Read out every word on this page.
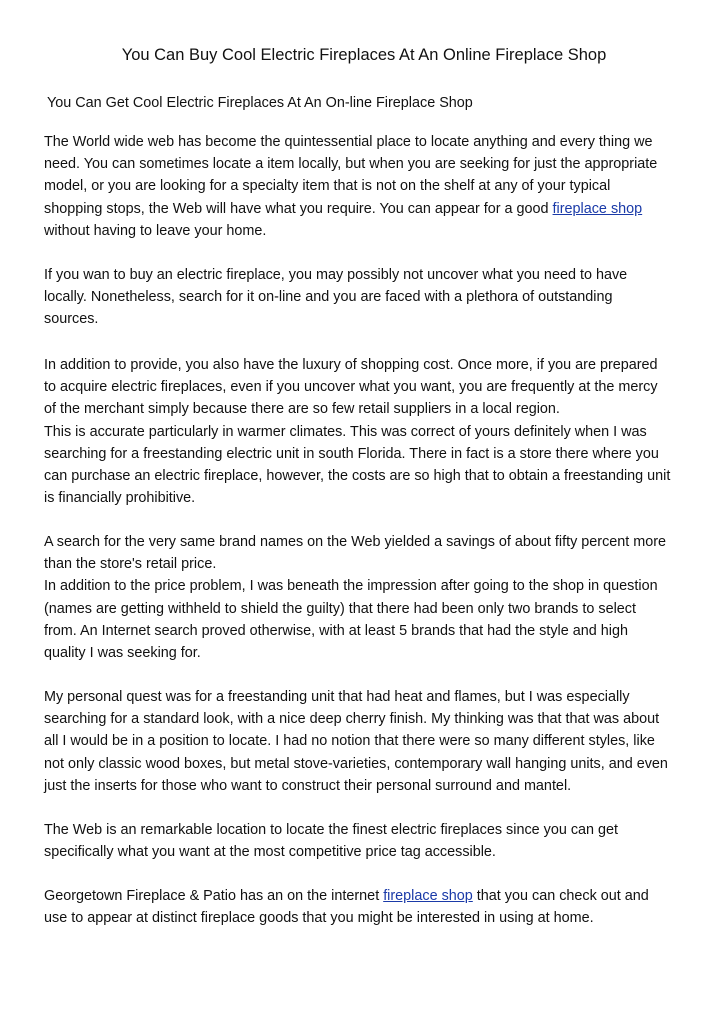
You Can Buy Cool Electric Fireplaces At An Online Fireplace Shop
You Can Get Cool Electric Fireplaces At An On-line Fireplace Shop
The World wide web has become the quintessential place to locate anything and every thing we
need. You can sometimes locate a item locally, but when you are seeking for just the appropriate
model, or you are looking for a specialty item that is not on the shelf at any of your typical
shopping stops, the Web will have what you require. You can appear for a good fireplace shop
without having to leave your home.
If you wan to buy an electric fireplace, you may possibly not uncover what you need to have
locally. Nonetheless, search for it on-line and you are faced with a plethora of outstanding
sources.
In addition to provide, you also have the luxury of shopping cost. Once more, if you are prepared
to acquire electric fireplaces, even if you uncover what you want, you are frequently at the mercy
of the merchant simply because there are so few retail suppliers in a local region.
This is accurate particularly in warmer climates. This was correct of yours definitely when I was
searching for a freestanding electric unit in south Florida. There in fact is a store there where you
can purchase an electric fireplace, however, the costs are so high that to obtain a freestanding unit
is financially prohibitive.
A search for the very same brand names on the Web yielded a savings of about fifty percent more
than the store's retail price.
In addition to the price problem, I was beneath the impression after going to the shop in question
(names are getting withheld to shield the guilty) that there had been only two brands to select
from. An Internet search proved otherwise, with at least 5 brands that had the style and high
quality I was seeking for.
My personal quest was for a freestanding unit that had heat and flames, but I was especially
searching for a standard look, with a nice deep cherry finish. My thinking was that that was about
all I would be in a position to locate. I had no notion that there were so many different styles, like
not only classic wood boxes, but metal stove-varieties, contemporary wall hanging units, and even
just the inserts for those who want to construct their personal surround and mantel.
The Web is an remarkable location to locate the finest electric fireplaces since you can get
specifically what you want at the most competitive price tag accessible.
Georgetown Fireplace & Patio has an on the internet fireplace shop that you can check out and
use to appear at distinct fireplace goods that you might be interested in using at home.
